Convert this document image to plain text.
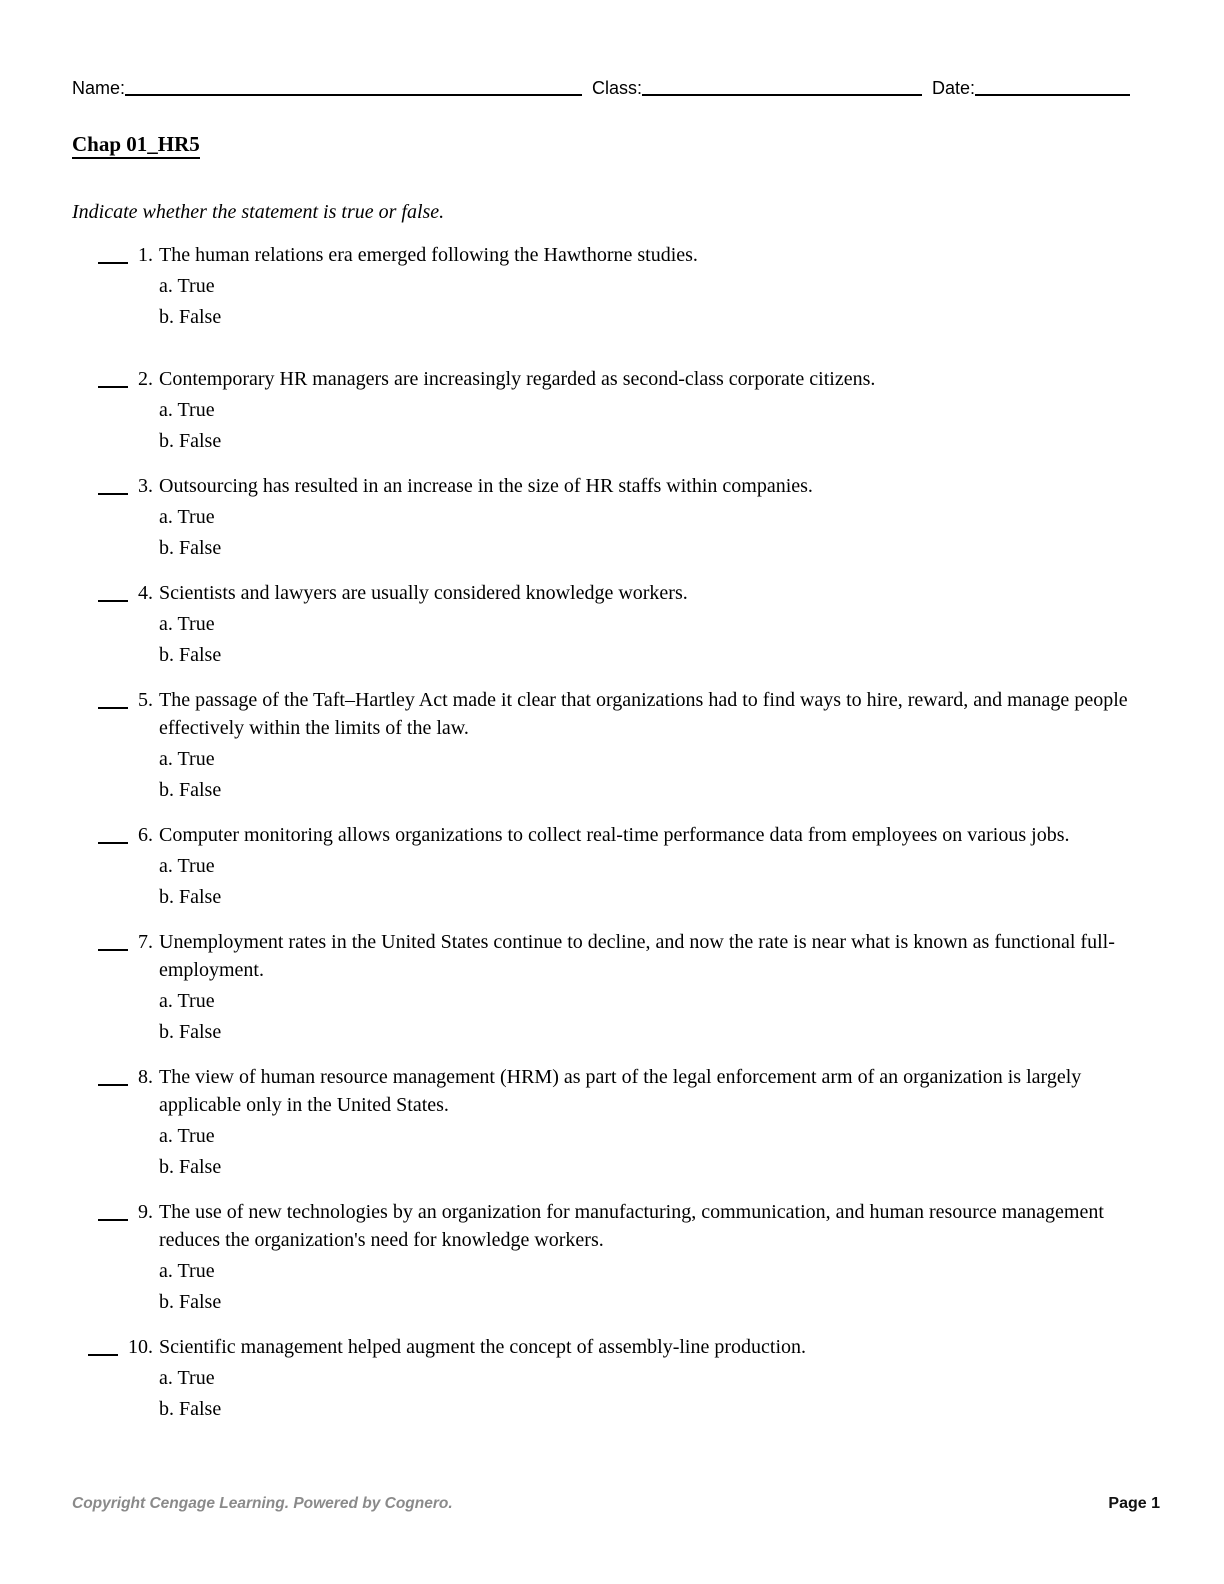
Name:	Class:	Date:
Chap 01_HR5
Indicate whether the statement is true or false.
1. The human relations era emerged following the Hawthorne studies.
a. True
b. False
2. Contemporary HR managers are increasingly regarded as second-class corporate citizens.
a. True
b. False
3. Outsourcing has resulted in an increase in the size of HR staffs within companies.
a. True
b. False
4. Scientists and lawyers are usually considered knowledge workers.
a. True
b. False
5. The passage of the Taft–Hartley Act made it clear that organizations had to find ways to hire, reward, and manage people effectively within the limits of the law.
a. True
b. False
6. Computer monitoring allows organizations to collect real-time performance data from employees on various jobs.
a. True
b. False
7. Unemployment rates in the United States continue to decline, and now the rate is near what is known as functional full-employment.
a. True
b. False
8. The view of human resource management (HRM) as part of the legal enforcement arm of an organization is largely applicable only in the United States.
a. True
b. False
9. The use of new technologies by an organization for manufacturing, communication, and human resource management reduces the organization's need for knowledge workers.
a. True
b. False
10. Scientific management helped augment the concept of assembly-line production.
a. True
b. False
Copyright Cengage Learning. Powered by Cognero.	Page 1
